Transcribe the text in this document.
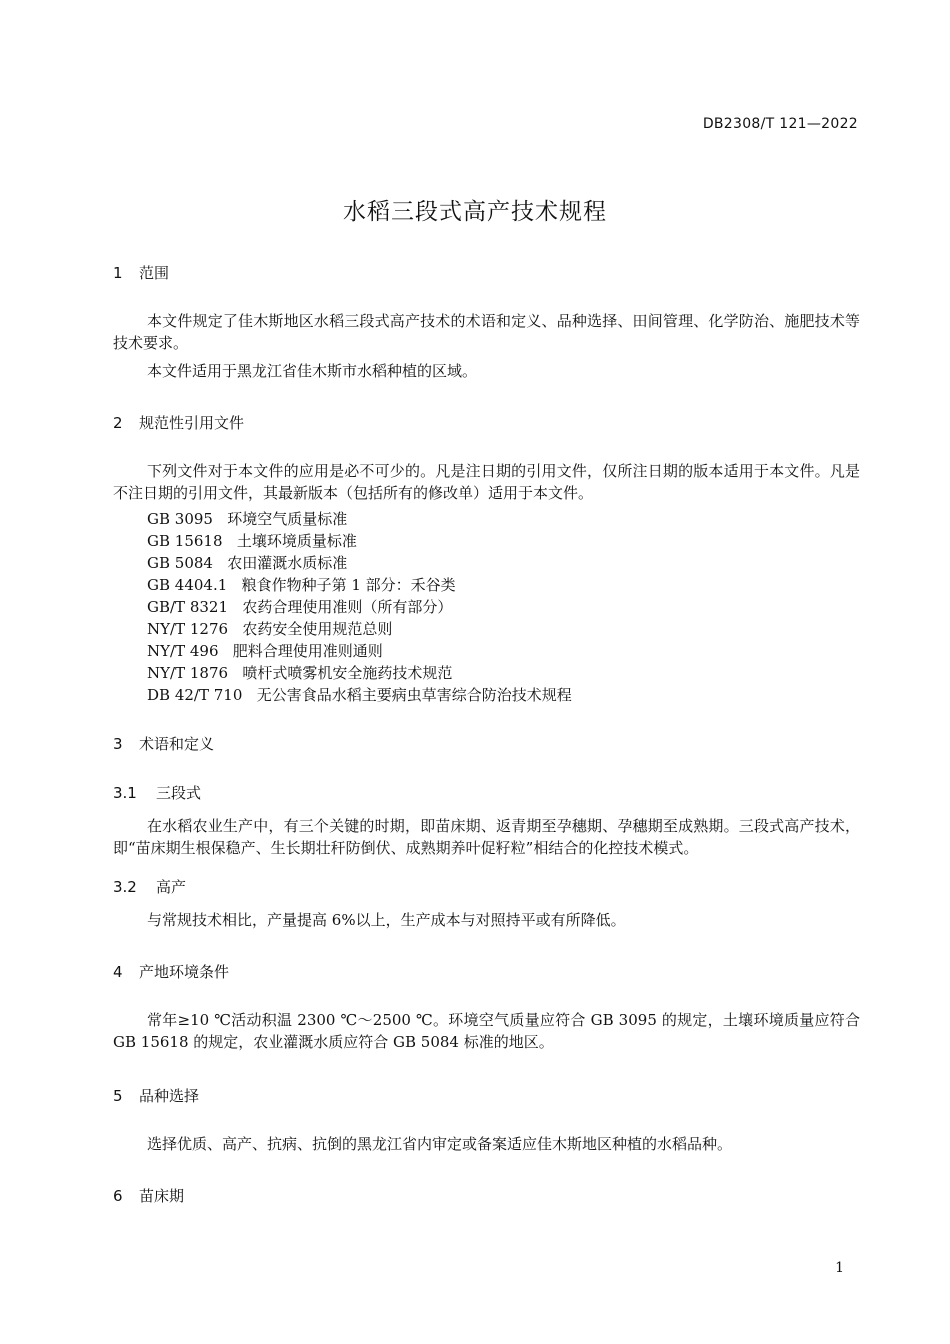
DB2308/T 121—2022
水稻三段式高产技术规程
1 范围
本文件规定了佳木斯地区水稻三段式高产技术的术语和定义、品种选择、田间管理、化学防治、施肥技术等技术要求。
本文件适用于黑龙江省佳木斯市水稻种植的区域。
2 规范性引用文件
下列文件对于本文件的应用是必不可少的。凡是注日期的引用文件，仅所注日期的版本适用于本文件。凡是不注日期的引用文件，其最新版本（包括所有的修改单）适用于本文件。
GB 3095 环境空气质量标准
GB 15618 土壤环境质量标准
GB 5084 农田灌溉水质标准
GB 4404.1 粮食作物种子第 1 部分：禾谷类
GB/T 8321 农药合理使用准则（所有部分）
NY/T 1276 农药安全使用规范总则
NY/T 496 肥料合理使用准则通则
NY/T 1876 喷杆式喷雾机安全施药技术规范
DB 42/T 710 无公害食品水稻主要病虫草害综合防治技术规程
3 术语和定义
3.1 三段式
在水稻农业生产中，有三个关键的时期，即苗床期、返青期至孕穗期、孕穗期至成熟期。三段式高产技术，即“苗床期生根保稳产、生长期壮秆防倒伏、成熟期养叶促籽粒”相结合的化控技术模式。
3.2 高产
与常规技术相比，产量提高 6%以上，生产成本与对照持平或有所降低。
4 产地环境条件
常年≥10 ℃活动积温 2300 ℃～2500 ℃。环境空气质量应符合 GB 3095 的规定，土壤环境质量应符合 GB 15618 的规定，农业灌溉水质应符合 GB 5084 标准的地区。
5 品种选择
选择优质、高产、抗病、抗倒的黑龙江省内审定或备案适应佳木斯地区种植的水稻品种。
6 苗床期
1
